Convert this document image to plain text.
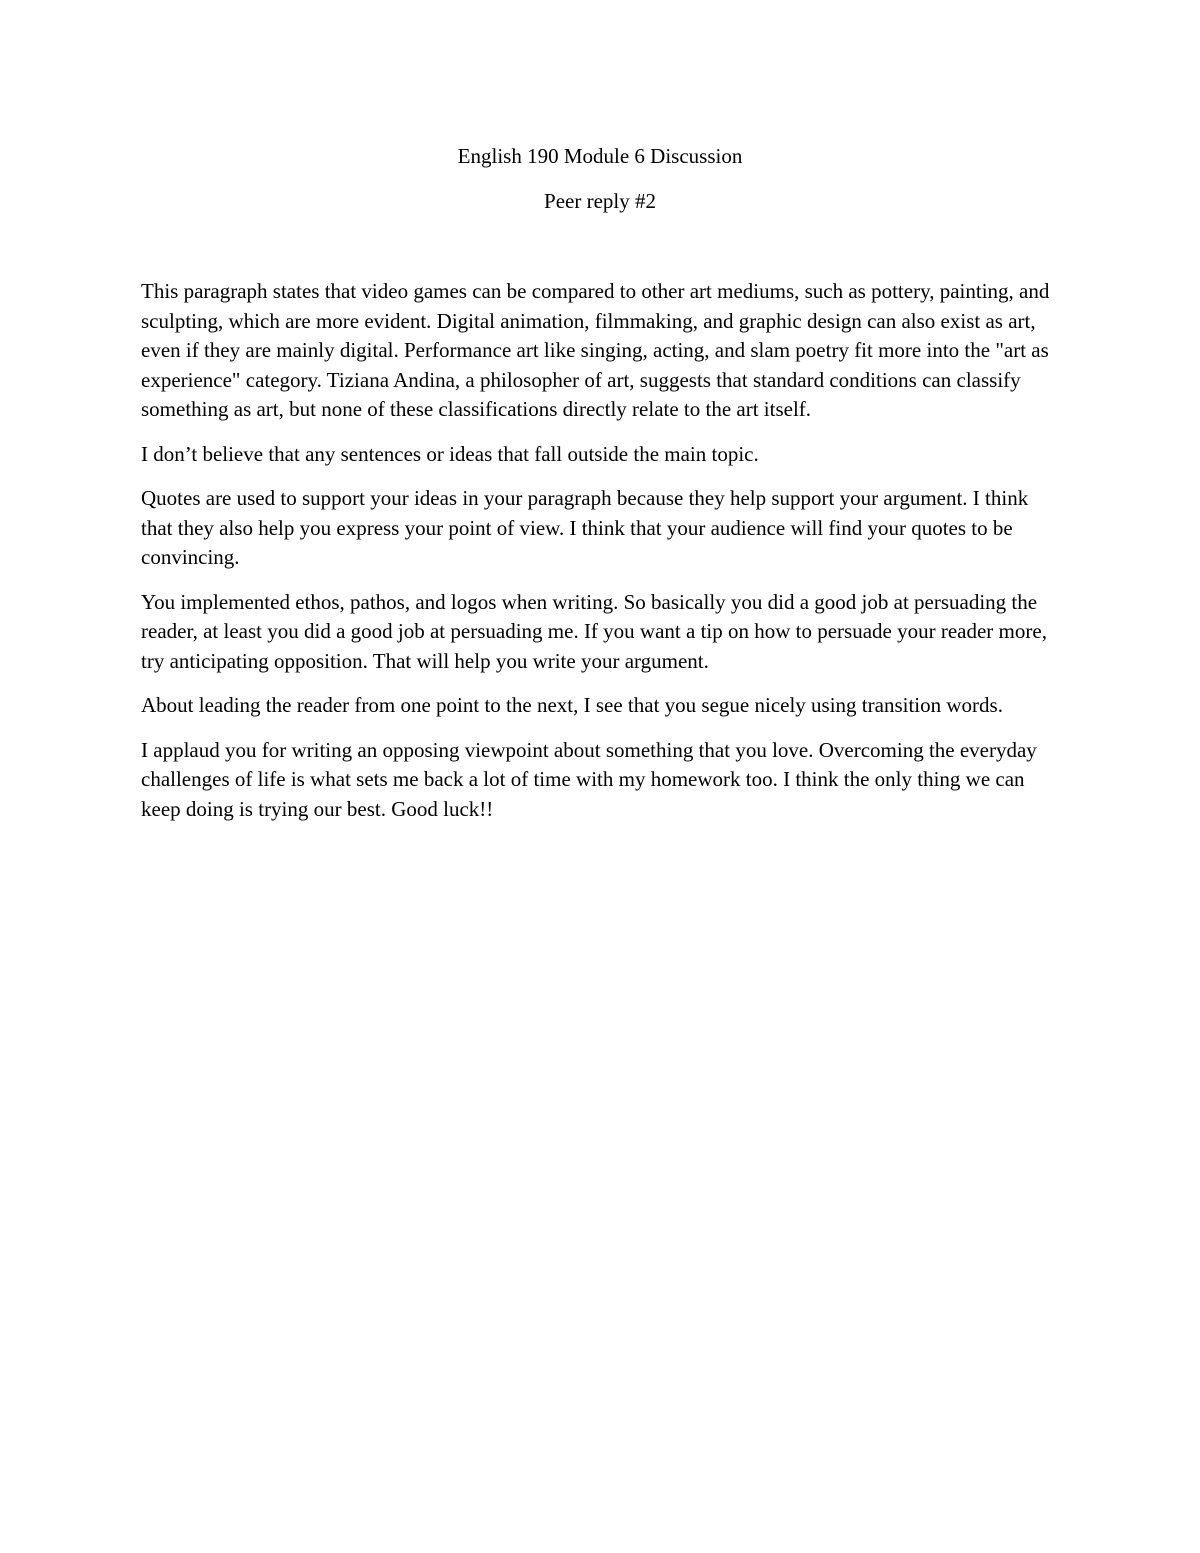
English 190 Module 6 Discussion
Peer reply #2

This paragraph states that video games can be compared to other art mediums, such as pottery, painting, and sculpting, which are more evident. Digital animation, filmmaking, and graphic design can also exist as art, even if they are mainly digital. Performance art like singing, acting, and slam poetry fit more into the "art as experience" category. Tiziana Andina, a philosopher of art, suggests that standard conditions can classify something as art, but none of these classifications directly relate to the art itself.

I don’t believe that any sentences or ideas that fall outside the main topic.

Quotes are used to support your ideas in your paragraph because they help support your argument. I think that they also help you express your point of view. I think that your audience will find your quotes to be convincing.

You implemented ethos, pathos, and logos when writing. So basically you did a good job at persuading the reader, at least you did a good job at persuading me. If you want a tip on how to persuade your reader more, try anticipating opposition. That will help you write your argument.

About leading the reader from one point to the next, I see that you segue nicely using transition words.

I applaud you for writing an opposing viewpoint about something that you love. Overcoming the everyday challenges of life is what sets me back a lot of time with my homework too. I think the only thing we can keep doing is trying our best. Good luck!!
